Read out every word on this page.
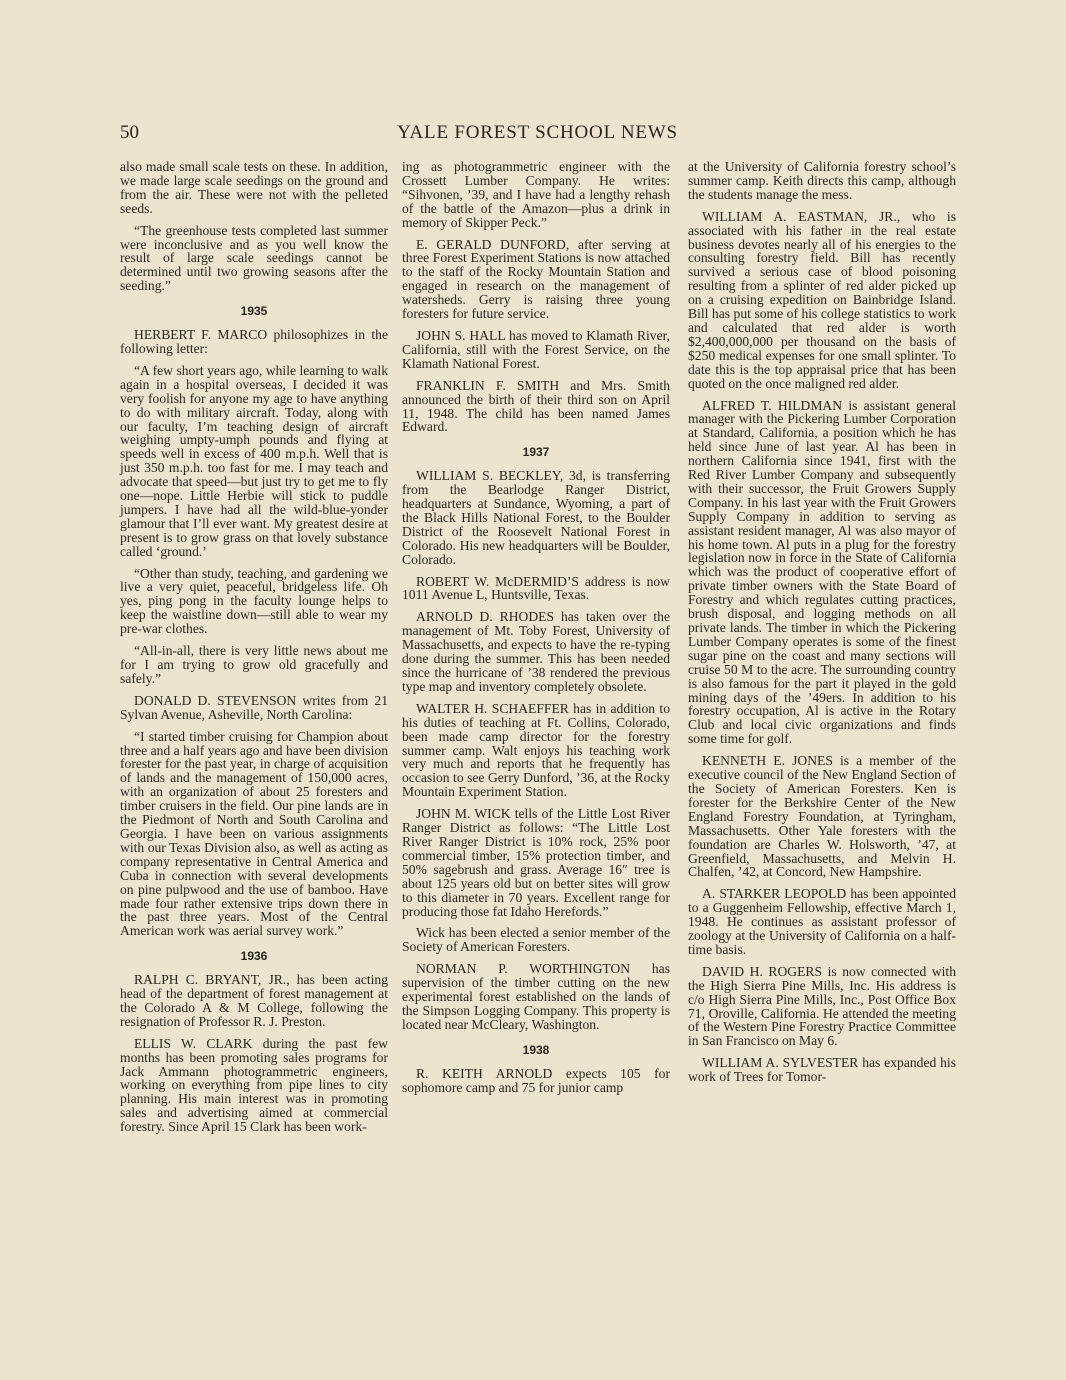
50	YALE FOREST SCHOOL NEWS

also made small scale tests on these. In addition, we made large scale seedings on the ground and from the air. These were not with the pelleted seeds.

“The greenhouse tests completed last summer were inconclusive and as you well know the result of large scale seedings cannot be determined until two growing seasons after the seeding.”

1935

HERBERT F. MARCO philosophizes in the following letter:

“A few short years ago, while learning to walk again in a hospital overseas, I decided it was very foolish for anyone my age to have anything to do with military aircraft. Today, along with our faculty, I’m teaching design of aircraft weighing umpty-umph pounds and flying at speeds well in excess of 400 m.p.h. Well that is just 350 m.p.h. too fast for me. I may teach and advocate that speed—but just try to get me to fly one—nope. Little Herbie will stick to puddle jumpers. I have had all the wild-blue-yonder glamour that I’ll ever want. My greatest desire at present is to grow grass on that lovely substance called ‘ground.’

“Other than study, teaching, and gardening we live a very quiet, peaceful, bridgeless life. Oh yes, ping pong in the faculty lounge helps to keep the waistline down—still able to wear my pre-war clothes.

“All-in-all, there is very little news about me for I am trying to grow old gracefully and safely.”

DONALD D. STEVENSON writes from 21 Sylvan Avenue, Asheville, North Carolina:

“I started timber cruising for Champion about three and a half years ago and have been division forester for the past year, in charge of acquisition of lands and the management of 150,000 acres, with an organization of about 25 foresters and timber cruisers in the field. Our pine lands are in the Piedmont of North and South Carolina and Georgia. I have been on various assignments with our Texas Division also, as well as acting as company representative in Central America and Cuba in connection with several developments on pine pulpwood and the use of bamboo. Have made four rather extensive trips down there in the past three years. Most of the Central American work was aerial survey work.”

1936

RALPH C. BRYANT, JR., has been acting head of the department of forest management at the Colorado A & M College, following the resignation of Professor R. J. Preston.

ELLIS W. CLARK during the past few months has been promoting sales programs for Jack Ammann photogrammetric engineers, working on everything from pipe lines to city planning. His main interest was in promoting sales and advertising aimed at commercial forestry. Since April 15 Clark has been work-

ing as photogrammetric engineer with the Crossett Lumber Company. He writes: “Sihvonen, ’39, and I have had a lengthy rehash of the battle of the Amazon—plus a drink in memory of Skipper Peck.”

E. GERALD DUNFORD, after serving at three Forest Experiment Stations is now attached to the staff of the Rocky Mountain Station and engaged in research on the management of watersheds. Gerry is raising three young foresters for future service.

JOHN S. HALL has moved to Klamath River, California, still with the Forest Service, on the Klamath National Forest.

FRANKLIN F. SMITH and Mrs. Smith announced the birth of their third son on April 11, 1948. The child has been named James Edward.

1937

WILLIAM S. BECKLEY, 3d, is transferring from the Bearlodge Ranger District, headquarters at Sundance, Wyoming, a part of the Black Hills National Forest, to the Boulder District of the Roosevelt National Forest in Colorado. His new headquarters will be Boulder, Colorado.

ROBERT W. McDERMID’S address is now 1011 Avenue L, Huntsville, Texas.

ARNOLD D. RHODES has taken over the management of Mt. Toby Forest, University of Massachusetts, and expects to have the re-typing done during the summer. This has been needed since the hurricane of ’38 rendered the previous type map and inventory completely obsolete.

WALTER H. SCHAEFFER has in addition to his duties of teaching at Ft. Collins, Colorado, been made camp director for the forestry summer camp. Walt enjoys his teaching work very much and reports that he frequently has occasion to see Gerry Dunford, ’36, at the Rocky Mountain Experiment Station.

JOHN M. WICK tells of the Little Lost River Ranger District as follows: “The Little Lost River Ranger District is 10% rock, 25% poor commercial timber, 15% protection timber, and 50% sagebrush and grass. Average 16″ tree is about 125 years old but on better sites will grow to this diameter in 70 years. Excellent range for producing those fat Idaho Herefords.”

Wick has been elected a senior member of the Society of American Foresters.

NORMAN P. WORTHINGTON has supervision of the timber cutting on the new experimental forest established on the lands of the Simpson Logging Company. This property is located near McCleary, Washington.

1938

R. KEITH ARNOLD expects 105 for sophomore camp and 75 for junior camp

at the University of California forestry school’s summer camp. Keith directs this camp, although the students manage the mess.

WILLIAM A. EASTMAN, JR., who is associated with his father in the real estate business devotes nearly all of his energies to the consulting forestry field. Bill has recently survived a serious case of blood poisoning resulting from a splinter of red alder picked up on a cruising expedition on Bainbridge Island. Bill has put some of his college statistics to work and calculated that red alder is worth $2,400,000,000 per thousand on the basis of $250 medical expenses for one small splinter. To date this is the top appraisal price that has been quoted on the once maligned red alder.

ALFRED T. HILDMAN is assistant general manager with the Pickering Lumber Corporation at Standard, California, a position which he has held since June of last year. Al has been in northern California since 1941, first with the Red River Lumber Company and subsequently with their successor, the Fruit Growers Supply Company. In his last year with the Fruit Growers Supply Company in addition to serving as assistant resident manager, Al was also mayor of his home town. Al puts in a plug for the forestry legislation now in force in the State of California which was the product of cooperative effort of private timber owners with the State Board of Forestry and which regulates cutting practices, brush disposal, and logging methods on all private lands. The timber in which the Pickering Lumber Company operates is some of the finest sugar pine on the coast and many sections will cruise 50 M to the acre. The surrounding country is also famous for the part it played in the gold mining days of the ’49ers. In addition to his forestry occupation, Al is active in the Rotary Club and local civic organizations and finds some time for golf.

KENNETH E. JONES is a member of the executive council of the New England Section of the Society of American Foresters. Ken is forester for the Berkshire Center of the New England Forestry Foundation, at Tyringham, Massachusetts. Other Yale foresters with the foundation are Charles W. Holsworth, ’47, at Greenfield, Massachusetts, and Melvin H. Chalfen, ’42, at Concord, New Hampshire.

A. STARKER LEOPOLD has been appointed to a Guggenheim Fellowship, effective March 1, 1948. He continues as assistant professor of zoology at the University of California on a half-time basis.

DAVID H. ROGERS is now connected with the High Sierra Pine Mills, Inc. His address is c/o High Sierra Pine Mills, Inc., Post Office Box 71, Oroville, California. He attended the meeting of the Western Pine Forestry Practice Committee in San Francisco on May 6.

WILLIAM A. SYLVESTER has expanded his work of Trees for Tomor-
